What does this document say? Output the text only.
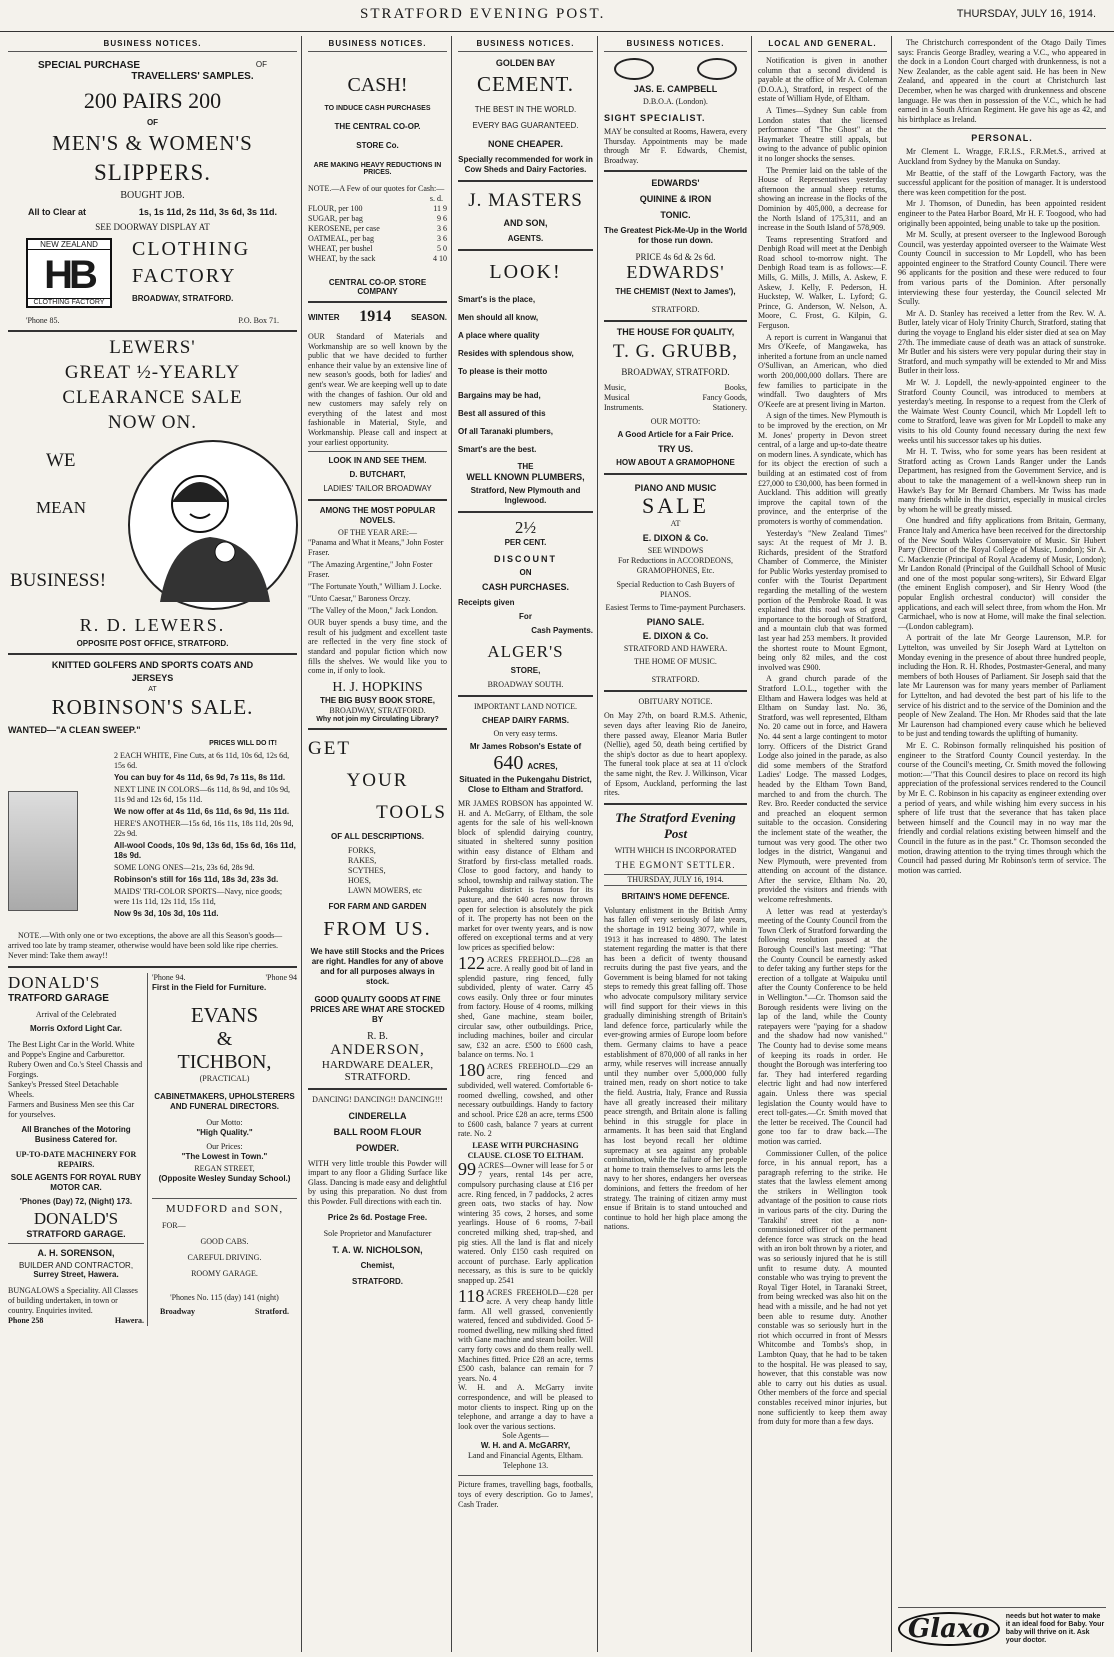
STRATFORD EVENING POST.	THURSDAY, JULY 16, 1914.
BUSINESS NOTICES.
SPECIAL PURCHASE	OF
TRAVELLERS' SAMPLES.
200 PAIRS 200
OF
MEN'S & WOMEN'S
SLIPPERS.
BOUGHT JOB.
All to Clear at	1s, 1s 11d, 2s 11d, 3s 6d, 3s 11d.
SEE DOORWAY DISPLAY AT
NEW ZEALAND
HB
CLOTHING FACTORY
CLOTHING
FACTORY
BROADWAY, STRATFORD.
'Phone 85.	P.O. Box 71.
LEWERS'
GREAT ½-YEARLY
CLEARANCE SALE
NOW ON.
WE
MEAN
BUSINESS!
R. D. LEWERS.
OPPOSITE POST OFFICE, STRATFORD.
KNITTED GOLFERS AND SPORTS COATS AND
JERSEYS
AT
ROBINSON'S SALE.
WANTED—"A CLEAN SWEEP."
PRICES WILL DO IT!
2 EACH WHITE, Fine Cuts, at 6s 11d, 10s 6d, 12s 6d, 15s 6d.
You can buy for 4s 11d, 6s 9d, 7s 11s, 8s 11d.
NEXT LINE IN COLORS—6s 11d, 8s 9d, and 10s 9d, 11s 9d and 12s 6d, 15s 11d.
We now offer at 4s 11d, 6s 11d, 6s 9d, 11s 11d.
HERE'S ANOTHER—15s 6d, 16s 11s, 18s 11d, 20s 9d, 22s 9d.
All-wool Coods, 10s 9d, 13s 6d, 15s 6d, 16s 11d, 18s 9d.
SOME LONG ONES—21s, 23s 6d, 28s 9d.
Robinson's still for 16s 11d, 18s 3d, 23s 3d.
MAIDS' TRI-COLOR SPORTS—Navy, nice goods; were 11s 11d, 12s 11d, 15s 11d,
Now 9s 3d, 10s 3d, 10s 11d.
NOTE.—With only one or two exceptions, the above are all this Season's goods—arrived too late by tramp steamer, otherwise would have been sold like ripe cherries. Never mind: Take them away!!
DONALD'S
TRATFORD GARAGE
Arrival of the Celebrated
Morris Oxford Light Car.
The Best Light Car in the World. White and Poppe's Engine and Carburettor.
Rubery Owen and Co.'s Steel Chassis and Forgings.
Sankey's Pressed Steel Detachable Wheels.
Farmers and Business Men see this Car for yourselves.
All Branches of the Motoring Business Catered for.
UP-TO-DATE MACHINERY FOR REPAIRS.
SOLE AGENTS FOR ROYAL RUBY MOTOR CAR.
'Phones (Day) 72, (Night) 173.
DONALD'S
STRATFORD GARAGE.
A. H. SORENSON,
BUILDER AND CONTRACTOR,
Surrey Street, Hawera.
BUNGALOWS a Speciality. All Classes of building undertaken, in town or country. Enquiries invited.
Phone 258	Hawera.
'Phone 94.	'Phone 94
First in the Field for Furniture.
EVANS
&
TICHBON,
(PRACTICAL)
CABINETMAKERS, UPHOLSTERERS AND FUNERAL DIRECTORS.
Our Motto:
"High Quality."
Our Prices:
"The Lowest in Town."
REGAN STREET,
(Opposite Wesley Sunday School.)
MUDFORD and SON,
FOR—
GOOD CABS.
CAREFUL DRIVING.
ROOMY GARAGE.
'Phones No. 115 (day) 141 (night)
Broadway	Stratford.
BUSINESS NOTICES.
CASH!
TO INDUCE CASH PURCHASES
THE CENTRAL CO-OP.
STORE Co.
ARE MAKING HEAVY REDUCTIONS IN PRICES.
NOTE.—A Few of our quotes for Cash:—
s. d.
FLOUR, per 100	11 9
SUGAR, per bag	9 6
KEROSENE, per case	3 6
OATMEAL, per bag	3 6
WHEAT, per bushel	5 0
WHEAT, by the sack	4 10
CENTRAL CO-OP. STORE COMPANY
WINTER 1914 SEASON.
OUR Standard of Materials and Workmanship are so well known by the public that we have decided to further enhance their value by an extensive line of new season's goods, both for ladies' and gent's wear. We are keeping well up to date with the changes of fashion. Our old and new customers may safely rely on everything of the latest and most fashionable in Material, Style, and Workmanship. Please call and inspect at your earliest opportunity.
LOOK IN AND SEE THEM.
D. BUTCHART,
LADIES' TAILOR BROADWAY
AMONG THE MOST POPULAR NOVELS.
OF THE YEAR ARE:—
"Panama and What it Means," John Foster Fraser.
"The Amazing Argentine," John Foster Fraser.
"The Fortunate Youth," William J. Locke.
"Unto Caesar," Baroness Orczy.
"The Valley of the Moon," Jack London.
OUR buyer spends a busy time, and the result of his judgment and excellent taste are reflected in the very fine stock of standard and popular fiction which now fills the shelves. We would like you to come in, if only to look.
H. J. HOPKINS
THE BIG BUSY BOOK STORE,
BROADWAY, STRATFORD.
Why not join my Circulating Library?
GET
YOUR
TOOLS
OF ALL DESCRIPTIONS.
FORKS,
RAKES,
SCYTHES,
HOES,
LAWN MOWERS, etc
FOR FARM AND GARDEN
FROM US.
We have still Stocks and the Prices are right. Handles for any of above and for all purposes always in stock.
GOOD QUALITY GOODS AT FINE PRICES ARE WHAT ARE STOCKED BY
R. B.
ANDERSON,
HARDWARE DEALER,
STRATFORD.
DANCING! DANCING!! DANCING!!!
CINDERELLA
BALL ROOM FLOUR
POWDER.
WITH very little trouble this Powder will impart to any floor a Gliding Surface like Glass. Dancing is made easy and delightful by using this preparation. No dust from this Powder. Full directions with each tin.
Price 2s 6d. Postage Free.
Sole Proprietor and Manufacturer
T. A. W. NICHOLSON,
Chemist,
STRATFORD.
BUSINESS NOTICES.
GOLDEN BAY
CEMENT.
THE BEST IN THE WORLD.
EVERY BAG GUARANTEED.
NONE CHEAPER.
Specially recommended for work in Cow Sheds and Dairy Factories.
J. MASTERS
AND SON,
AGENTS.
LOOK!
Smart's is the place,
Men should all know,
A place where quality
Resides with splendous show,
To please is their motto
Bargains may be had,
Best all assured of this
Of all Taranaki plumbers,
Smart's are the best.
THE
WELL KNOWN PLUMBERS,
Stratford, New Plymouth and Inglewood.
2½
PER CENT.
DISCOUNT
ON
CASH PURCHASES.
Receipts given
For
Cash Payments.
ALGER'S
STORE,
BROADWAY SOUTH.
IMPORTANT LAND NOTICE.
CHEAP DAIRY FARMS.
On very easy terms.
Mr James Robson's Estate of
640 ACRES,
Situated in the Pukengahu District, Close to Eltham and Stratford.
MR JAMES ROBSON has appointed W. H. and A. McGarry, of Eltham, the sole agents for the sale of his well-known block of splendid dairying country, situated in sheltered sunny position within easy distance of Eltham and Stratford by first-class metalled roads. Close to good factory, and handy to school, township and railway station. The Pukengahu district is famous for its pasture, and the 640 acres now thrown open for selection is absolutely the pick of it. The property has not been on the market for over twenty years, and is now offered on exceptional terms and at very low prices as specified below:
122 ACRES FREEHOLD—£28 an acre. A really good bit of land in splendid pasture, ring fenced, fully subdivided, plenty of water. Carry 45 cows easily. Only three or four minutes from factory. House of 4 rooms, milking shed, Gane machine, steam boiler, circular saw, other outbuildings. Price, including machines, boiler and circular saw, £32 an acre. £500 to £600 cash, balance on terms. No. 1
180 ACRES FREEHOLD—£29 an acre, ring fenced and subdivided, well watered. Comfortable 6-roomed dwelling, cowshed, and other necessary outbuildings. Handy to factory and school. Price £28 an acre, terms £500 to £600 cash, balance 7 years at current rate. No. 2
LEASE WITH PURCHASING CLAUSE. CLOSE TO ELTHAM.
99 ACRES—Owner will lease for 5 or 7 years, rental 14s per acre, compulsory purchasing clause at £16 per acre. Ring fenced, in 7 paddocks, 2 acres green oats, two stacks of hay. Now wintering 35 cows, 2 horses, and some yearlings. House of 6 rooms, 7-bail concreted milking shed, trap-shed, and pig sties. All the land is flat and nicely watered. Only £150 cash required on account of purchase. Early application necessary, as this is sure to be quickly snapped up. 2541
118 ACRES FREEHOLD—£28 per acre. A very cheap handy little farm. All well grassed, conveniently watered, fenced and subdivided. Good 5-roomed dwelling, new milking shed fitted with Gane machine and steam boiler. Will carry forty cows and do them really well. Machines fitted. Price £28 an acre, terms £500 cash, balance can remain for 7 years. No. 4
W. H. and A. McGarry invite correspondence, and will be pleased to motor clients to inspect. Ring up on the telephone, and arrange a day to have a look over the various sections.
Sole Agents—
W. H. and A. McGARRY,
Land and Financial Agents, Eltham. Telephone 13.
Picture frames, travelling bags, footballs, toys of every description. Go to James', Cash Trader.
BUSINESS NOTICES.
JAS. E. CAMPBELL
D.B.O.A. (London).
SIGHT SPECIALIST.
MAY be consulted at Rooms, Hawera, every Thursday. Appointments may be made through Mr F. Edwards, Chemist, Broadway.
EDWARDS'
QUININE & IRON
TONIC.
The Greatest Pick-Me-Up in the World for those run down.
PRICE 4s 6d & 2s 6d.
EDWARDS'
THE CHEMIST (Next to James'),
STRATFORD.
THE HOUSE FOR QUALITY,
T. G. GRUBB,
BROADWAY, STRATFORD.
Music,	Books,
Musical	Fancy Goods,
Instruments.	Stationery.
OUR MOTTO:
A Good Article for a Fair Price.
TRY US.
HOW ABOUT A GRAMOPHONE
PIANO AND MUSIC
SALE
AT
E. DIXON & Co.
SEE WINDOWS
For Reductions in ACCORDEONS, GRAMOPHONES, Etc.
Special Reduction to Cash Buyers of PIANOS.
Easiest Terms to Time-payment Purchasers.
PIANO SALE.
E. DIXON & Co.
STRATFORD AND HAWERA.
THE HOME OF MUSIC.
STRATFORD.
OBITUARY NOTICE.
On May 27th, on board R.M.S. Athenic, seven days after leaving Rio de Janeiro, there passed away, Eleanor Maria Butler (Nellie), aged 50, death being certified by the ship's doctor as due to heart apoplexy. The funeral took place at sea at 11 o'clock the same night, the Rev. J. Wilkinson, Vicar of Epsom, Auckland, performing the last rites.
The Stratford Evening Post
WITH WHICH IS INCORPORATED
THE EGMONT SETTLER.
THURSDAY, JULY 16, 1914.
BRITAIN'S HOME DEFENCE.
Voluntary enlistment in the British Army has fallen off very seriously of late years, the shortage in 1912 being 3077, while in 1913 it has increased to 4890. The latest statement regarding the matter is that there has been a deficit of twenty thousand recruits during the past five years, and the Government is being blamed for not taking steps to remedy this great falling off. Those who advocate compulsory military service will find support for their views in this gradually diminishing strength of Britain's land defence force, particularly while the ever-growing armies of Europe loom before them. Germany claims to have a peace establishment of 870,000 of all ranks in her army, while reserves will increase annually until they number over 5,000,000 fully trained men, ready on short notice to take the field. Austria, Italy, France and Russia have all greatly increased their military peace strength, and Britain alone is falling behind in this struggle for place in armaments. It has been said that England has lost beyond recall her oldtime supremacy at sea against any probable combination, while the failure of her people at home to train themselves to arms lets the navy to her shores, endangers her overseas dominions, and fetters the freedom of her strategy. The training of citizen army must ensue if Britain is to stand untouched and continue to hold her high place among the nations.
LOCAL AND GENERAL.

Notification is given in another column that a second dividend is payable at the office of Mr A. Coleman (D.O.A.), Stratford, in respect of the estate of William Hyde, of Eltham.

A Times—Sydney Sun cable from London states that the licensed performance of "The Ghost" at the Haymarket Theatre still appals, but owing to the advance of public opinion it no longer shocks the senses.

The Premier laid on the table of the House of Representatives yesterday afternoon the annual sheep returns, showing an increase in the flocks of the Dominion by 405,000, a decrease for the North Island of 175,311, and an increase in the South Island of 578,909.

Teams representing Stratford and Denbigh Road will meet at the Denbigh Road school to-morrow night. The Denbigh Road team is as follows:—F. Mills, G. Mills, J. Mills, A. Askew, F. Askew, J. Kelly, F. Pederson, H. Huckstep, W. Walker, L. Lyford; G. Prince, G. Anderson, W. Nelson, A. Moore, C. Frost, G. Kilpin, G. Ferguson.

A report is current in Wanganui that Mrs O'Keefe, of Mangaweka, has inherited a fortune from an uncle named O'Sullivan, an American, who died worth 200,000,000 dollars. There are few families to participate in the windfall. Two daughters of Mrs O'Keefe are at present living in Marton.

A sign of the times. New Plymouth is to be improved by the erection, on Mr M. Jones' property in Devon street central, of a large and up-to-date theatre on modern lines. A syndicate, which has for its object the erection of such a building at an estimated cost of from £27,000 to £30,000, has been formed in Auckland. This addition will greatly improve the capital town of the province, and the enterprise of the promoters is worthy of commendation.

Yesterday's "New Zealand Times" says: At the request of Mr J. B. Richards, president of the Stratford Chamber of Commerce, the Minister for Public Works yesterday promised to confer with the Tourist Department regarding the metalling of the western portion of the Pembroke Road. It was explained that this road was of great importance to the borough of Stratford, and a mountain club that was formed last year had 253 members. It provided the shortest route to Mount Egmont, being only 82 miles, and the cost involved was £900.

A grand church parade of the Stratford L.O.L., together with the Eltham and Hawera lodges was held at Eltham on Sunday last. No. 36, Stratford, was well represented, Eltham No. 20 came out in force, and Hawera No. 44 sent a large contingent to motor lorry. Officers of the District Grand Lodge also joined in the parade, as also did some members of the Stratford Ladies' Lodge. The massed Lodges, headed by the Eltham Town Band, marched to and from the church. The Rev. Bro. Reeder conducted the service and preached an eloquent sermon suitable to the occasion. Considering the inclement state of the weather, the turnout was very good. The other two lodges in the district, Wanganui and New Plymouth, were prevented from attending on account of the distance. After the service, Eltham No. 20, provided the visitors and friends with welcome refreshments.

A letter was read at yesterday's meeting of the County Council from the Town Clerk of Stratford forwarding the following resolution passed at the Borough Council's last meeting: "That the County Council be earnestly asked to defer taking any further steps for the erection of a tollgate at Waipuku until after the County Conference to be held in Wellington."—Cr. Thomson said the Borough residents were living on the lap of the land, while the County ratepayers were "paying for a shadow and the shadow had now vanished." The County had to devise some means of keeping its roads in order. He thought the Borough was interfering too far. They had interfered regarding electric light and had now interfered again. Unless there was special legislation the County would have to erect toll-gates.—Cr. Smith moved that the letter be received. The Council had gone too far to draw back.—The motion was carried.

Commissioner Cullen, of the police force, in his annual report, has a paragraph referring to the strike. He states that the lawless element among the strikers in Wellington took advantage of the position to cause riots in various parts of the city. During the 'Tarakihi' street riot a non-commissioned officer of the permanent defence force was struck on the head with an iron bolt thrown by a rioter, and was so seriously injured that he is still unfit to resume duty. A mounted constable who was trying to prevent the Royal Tiger Hotel, in Taranaki Street, from being wrecked was also hit on the head with a missile, and he had not yet been able to resume duty. Another constable was so seriously hurt in the riot which occurred in front of Messrs Whitcombe and Tombs's shop, in Lambton Quay, that he had to be taken to the hospital. He was pleased to say, however, that this constable was now able to carry out his duties as usual. Other members of the force and special constables received minor injuries, but none sufficiently to keep them away from duty for more than a few days.

The Christchurch correspondent of the Otago Daily Times says: Francis George Bradley, wearing a V.C., who appeared in the dock in a London Court charged with drunkenness, is not a New Zealander, as the cable agent said. He has been in New Zealand, and appeared in the court at Christchurch last December, when he was charged with drunkenness and obscene language. He was then in possession of the V.C., which he had earned in a South African Regiment. He gave his age as 42, and his birthplace as Ireland.

PERSONAL.

Mr Clement L. Wragge, F.R.I.S., F.R.Met.S., arrived at Auckland from Sydney by the Manuka on Sunday.

Mr Beattie, of the staff of the Lowgarth Factory, was the successful applicant for the position of manager. It is understood there was keen competition for the post.

Mr J. Thomson, of Dunedin, has been appointed resident engineer to the Patea Harbor Board, Mr H. F. Toogood, who had originally been appointed, being unable to take up the position.

Mr M. Scully, at present overseer to the Inglewood Borough Council, was yesterday appointed overseer to the Waimate West County Council in succession to Mr Lopdell, who has been appointed engineer to the Stratford County Council. There were 96 applicants for the position and these were reduced to four from various parts of the Dominion. After personally interviewing these four yesterday, the Council selected Mr Scully.

Mr A. D. Stanley has received a letter from the Rev. W. A. Butler, lately vicar of Holy Trinity Church, Stratford, stating that during the voyage to England his elder sister died at sea on May 27th. The immediate cause of death was an attack of sunstroke. Mr Butler and his sisters were very popular during their stay in Stratford, and much sympathy will be extended to Mr and Miss Butler in their loss.

Mr W. J. Lopdell, the newly-appointed engineer to the Stratford County Council, was introduced to members at yesterday's meeting. In response to a request from the Clerk of the Waimate West County Council, which Mr Lopdell left to come to Stratford, leave was given for Mr Lopdell to make any visits to his old County found necessary during the next few weeks until his successor takes up his duties.

Mr H. T. Twiss, who for some years has been resident at Stratford acting as Crown Lands Ranger under the Lands Department, has resigned from the Government Service, and is about to take the management of a well-known sheep run in Hawke's Bay for Mr Bernard Chambers. Mr Twiss has made many friends while in the district, especially in musical circles by whom he will be greatly missed.

One hundred and fifty applications from Britain, Germany, France Italy and America have been received for the directorship of the New South Wales Conservatoire of Music. Sir Hubert Parry (Director of the Royal College of Music, London); Sir A. C. Mackenzie (Principal of Royal Academy of Music, London); Mr Landon Ronald (Principal of the Guildhall School of Music and one of the most popular song-writers), Sir Edward Elgar (the eminent English composer), and Sir Henry Wood (the popular English orchestral conductor) will consider the applications, and each will select three, from whom the Hon. Mr Carmichael, who is now at Home, will make the final selection.—(London cablegram).

A portrait of the late Mr George Laurenson, M.P. for Lyttelton, was unveiled by Sir Joseph Ward at Lyttelton on Monday evening in the presence of about three hundred people, including the Hon. R. H. Rhodes, Postmaster-General, and many members of both Houses of Parliament. Sir Joseph said that the late Mr Laurenson was for many years member of Parliament for Lyttelton, and had devoted the best part of his life to the service of his district and to the service of the Dominion and the people of New Zealand. The Hon. Mr Rhodes said that the late Mr Laurenson had championed every cause which he believed to be just and tending towards the uplifting of humanity.

Mr E. C. Robinson formally relinquished his position of engineer to the Stratford County Council yesterday. In the course of the Council's meeting, Cr. Smith moved the following motion:—"That this Council desires to place on record its high appreciation of the professional services rendered to the Council by Mr E. C. Robinson in his capacity as engineer extending over a period of years, and while wishing him every success in his sphere of life trust that the severance that has taken place between himself and the Council may in no way mar the friendly and cordial relations existing between himself and the Council in the future as in the past." Cr. Thomson seconded the motion, drawing attention to the trying times through which the Council had passed during Mr Robinson's term of service. The motion was carried.

Glaxo	needs but hot water to make it an ideal food for Baby. Your baby will thrive on it. Ask your doctor.
